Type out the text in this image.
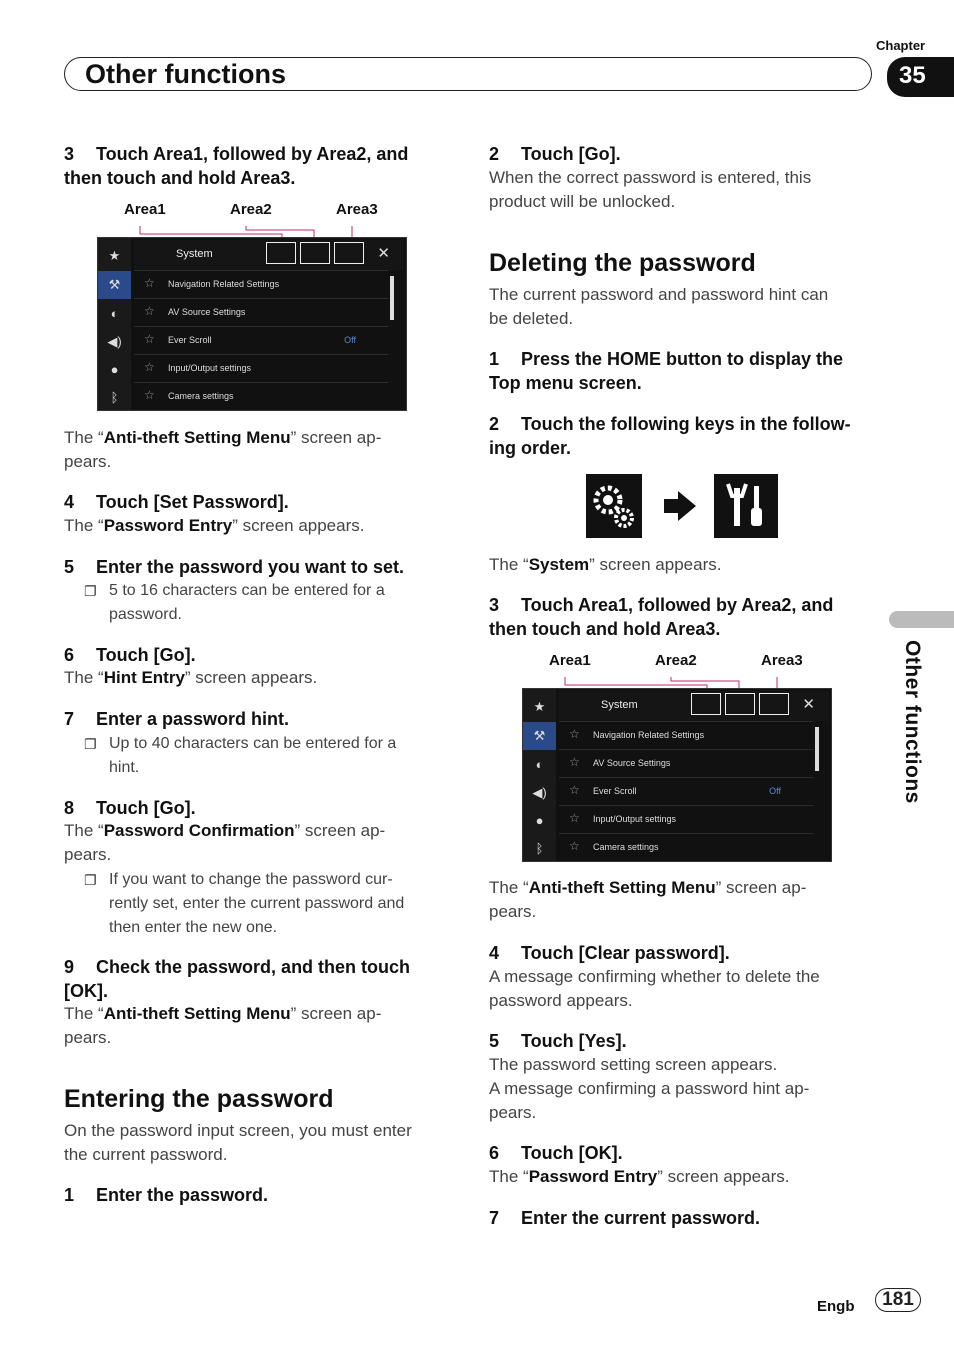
Chapter
Other functions	35
Other functions
3 Touch Area1, followed by Area2, and
then touch and hold Area3.
Area1	Area2	Area3
★
⚒
◐
◀)
●
ᛒ
System	✕
☆ Navigation Related Settings
☆ AV Source Settings
☆ Ever Scroll	Off
☆ Input/Output settings
☆ Camera settings
The “Anti-theft Setting Menu” screen ap-
pears.
4 Touch [Set Password].
The “Password Entry” screen appears.
5 Enter the password you want to set.
❐ 5 to 16 characters can be entered for a
password.
6 Touch [Go].
The “Hint Entry” screen appears.
7 Enter a password hint.
❐ Up to 40 characters can be entered for a
hint.
8 Touch [Go].
The “Password Confirmation” screen ap-
pears.
❐ If you want to change the password cur-
rently set, enter the current password and
then enter the new one.
9 Check the password, and then touch
[OK].
The “Anti-theft Setting Menu” screen ap-
pears.
Entering the password
On the password input screen, you must enter
the current password.
1 Enter the password.
2 Touch [Go].
When the correct password is entered, this
product will be unlocked.
Deleting the password
The current password and password hint can
be deleted.
1 Press the HOME button to display the
Top menu screen.
2 Touch the following keys in the follow-
ing order.
The “System” screen appears.
3 Touch Area1, followed by Area2, and
then touch and hold Area3.
Area1	Area2	Area3
★
⚒
◐
◀)
●
ᛒ
System	✕
☆ Navigation Related Settings
☆ AV Source Settings
☆ Ever Scroll	Off
☆ Input/Output settings
☆ Camera settings
The “Anti-theft Setting Menu” screen ap-
pears.
4 Touch [Clear password].
A message confirming whether to delete the
password appears.
5 Touch [Yes].
The password setting screen appears.
A message confirming a password hint ap-
pears.
6 Touch [OK].
The “Password Entry” screen appears.
7 Enter the current password.
Engb	181
